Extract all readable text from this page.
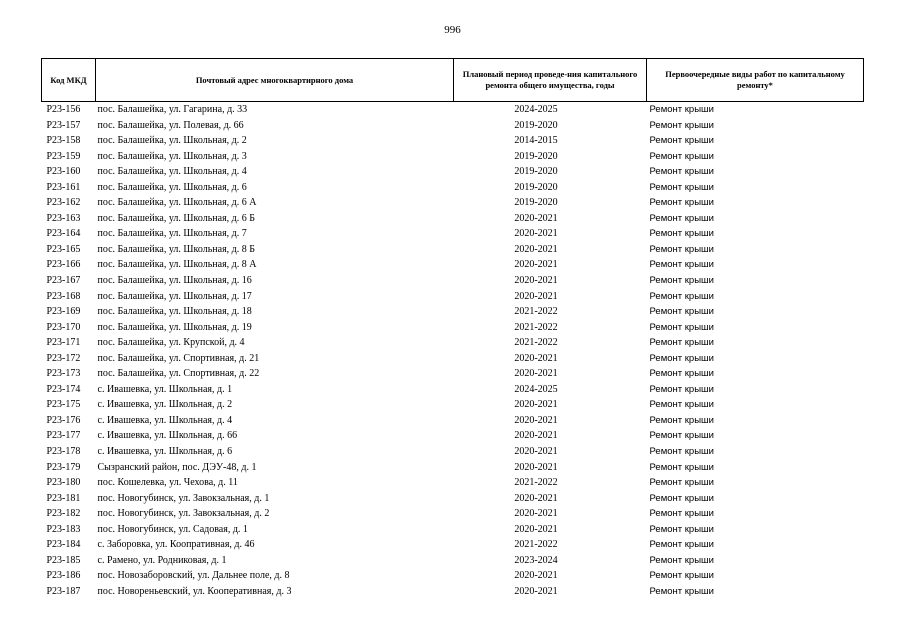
996
Код МКД	Почтовый адрес многоквартирного дома	Плановый период проведе-ния капитального ремонта общего имущества, годы	Первоочередные виды работ по капитальному ремонту*
Р23-156	пос. Балашейка, ул. Гагарина, д. 33	2024-2025	Ремонт крыши
Р23-157	пос. Балашейка, ул. Полевая, д. 66	2019-2020	Ремонт крыши
Р23-158	пос. Балашейка, ул. Школьная, д. 2	2014-2015	Ремонт крыши
Р23-159	пос. Балашейка, ул. Школьная, д. 3	2019-2020	Ремонт крыши
Р23-160	пос. Балашейка, ул. Школьная, д. 4	2019-2020	Ремонт крыши
Р23-161	пос. Балашейка, ул. Школьная, д. 6	2019-2020	Ремонт крыши
Р23-162	пос. Балашейка, ул. Школьная, д. 6 А	2019-2020	Ремонт крыши
Р23-163	пос. Балашейка, ул. Школьная, д. 6 Б	2020-2021	Ремонт крыши
Р23-164	пос. Балашейка, ул. Школьная, д. 7	2020-2021	Ремонт крыши
Р23-165	пос. Балашейка, ул. Школьная, д. 8 Б	2020-2021	Ремонт крыши
Р23-166	пос. Балашейка, ул. Школьная, д. 8 А	2020-2021	Ремонт крыши
Р23-167	пос. Балашейка, ул. Школьная, д. 16	2020-2021	Ремонт крыши
Р23-168	пос. Балашейка, ул. Школьная, д. 17	2020-2021	Ремонт крыши
Р23-169	пос. Балашейка, ул. Школьная, д. 18	2021-2022	Ремонт крыши
Р23-170	пос. Балашейка, ул. Школьная, д. 19	2021-2022	Ремонт крыши
Р23-171	пос. Балашейка, ул. Крупской, д. 4	2021-2022	Ремонт крыши
Р23-172	пос. Балашейка, ул. Спортивная, д. 21	2020-2021	Ремонт крыши
Р23-173	пос. Балашейка, ул. Спортивная, д. 22	2020-2021	Ремонт крыши
Р23-174	с. Ивашевка, ул. Школьная, д. 1	2024-2025	Ремонт крыши
Р23-175	с. Ивашевка, ул. Школьная, д. 2	2020-2021	Ремонт крыши
Р23-176	с. Ивашевка, ул. Школьная, д. 4	2020-2021	Ремонт крыши
Р23-177	с. Ивашевка, ул. Школьная, д. 66	2020-2021	Ремонт крыши
Р23-178	с. Ивашевка, ул. Школьная, д. 6	2020-2021	Ремонт крыши
Р23-179	Сызранский район, пос. ДЭУ-48, д. 1	2020-2021	Ремонт крыши
Р23-180	пос. Кошелевка, ул. Чехова, д. 11	2021-2022	Ремонт крыши
Р23-181	пос. Новогубинск, ул. Завокзальная, д. 1	2020-2021	Ремонт крыши
Р23-182	пос. Новогубинск, ул. Завокзальная, д. 2	2020-2021	Ремонт крыши
Р23-183	пос. Новогубинск, ул. Садовая, д. 1	2020-2021	Ремонт крыши
Р23-184	с. Заборовка, ул. Коопративная, д. 46	2021-2022	Ремонт крыши
Р23-185	с. Рамено, ул. Родниковая, д. 1	2023-2024	Ремонт крыши
Р23-186	пос. Новозаборовский, ул. Дальнее поле, д. 8	2020-2021	Ремонт крыши
Р23-187	пос. Новореньевский, ул. Кооперативная, д. 3	2020-2021	Ремонт крыши
